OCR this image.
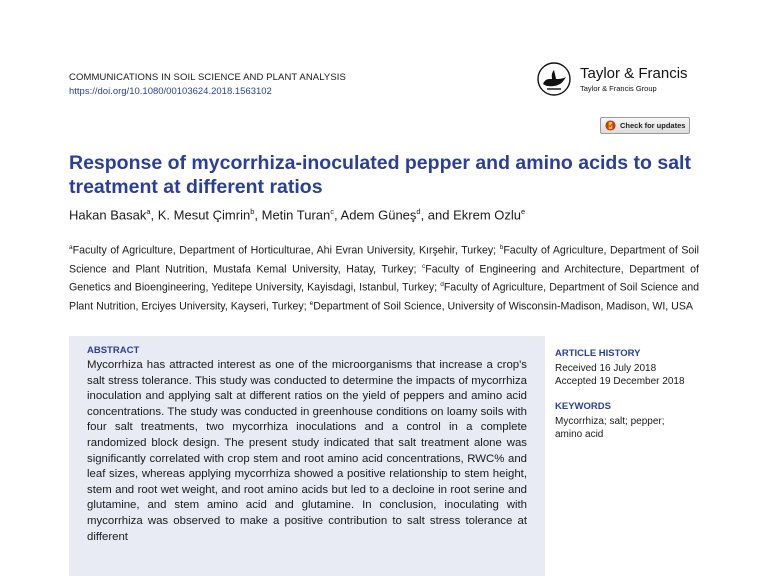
COMMUNICATIONS IN SOIL SCIENCE AND PLANT ANALYSIS
https://doi.org/10.1080/00103624.2018.1563102
Taylor & Francis
Taylor & Francis Group
Check for updates
Response of mycorrhiza-inoculated pepper and amino acids to salt treatment at different ratios
Hakan Basak$^a$, K. Mesut Çimrin$^b$, Metin Turan$^c$, Adem Güneş$^d$, and Ekrem Ozlu$^e$
$^a$Faculty of Agriculture, Department of Horticulturae, Ahi Evran University, Kırşehir, Turkey; $^b$Faculty of Agriculture, Department of Soil Science and Plant Nutrition, Mustafa Kemal University, Hatay, Turkey; $^c$Faculty of Engineering and Architecture, Department of Genetics and Bioengineering, Yeditepe University, Kayisdagi, Istanbul, Turkey; $^d$Faculty of Agriculture, Department of Soil Science and Plant Nutrition, Erciyes University, Kayseri, Turkey; $^e$Department of Soil Science, University of Wisconsin-Madison, Madison, WI, USA
ABSTRACT
Mycorrhiza has attracted interest as one of the microorganisms that increase a crop's salt stress tolerance. This study was conducted to determine the impacts of mycorrhiza inoculation and applying salt at different ratios on the yield of peppers and amino acid concentrations. The study was conducted in greenhouse conditions on loamy soils with four salt treatments, two mycorrhiza inoculations and a control in a complete randomized block design. The present study indicated that salt treatment alone was significantly correlated with crop stem and root amino acid concentrations, RWC% and leaf sizes, whereas applying mycorrhiza showed a positive relationship to stem height, stem and root wet weight, and root amino acids but led to a decloine in root serine and glutamine, and stem amino acid and glutamine. In conclusion, inoculating with mycorrhiza was observed to make a positive contribution to salt stress tolerance at different
ARTICLE HISTORY
Received 16 July 2018
Accepted 19 December 2018
KEYWORDS
Mycorrhiza; salt; pepper;
amino acid
